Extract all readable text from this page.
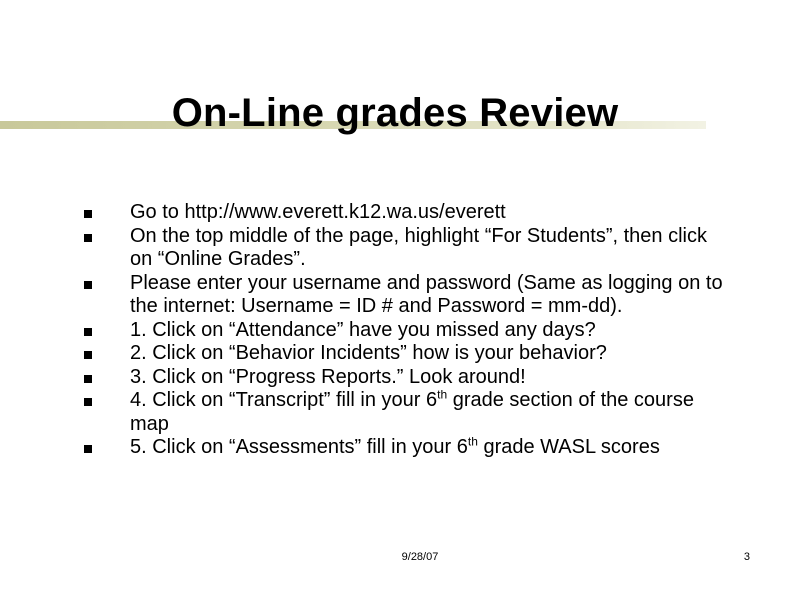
On-Line grades Review
Go to http://www.everett.k12.wa.us/everett
On the top middle of the page, highlight “For Students”, then click on “Online Grades”.
Please enter your username and password (Same as logging on to the internet: Username = ID # and Password = mm-dd).
1. Click on “Attendance” have you missed any days?
2. Click on “Behavior Incidents” how is your behavior?
3. Click on “Progress Reports.” Look around!
4. Click on “Transcript” fill in your 6th grade section of the course map
5. Click on “Assessments” fill in your 6th grade WASL scores
9/28/07	3
